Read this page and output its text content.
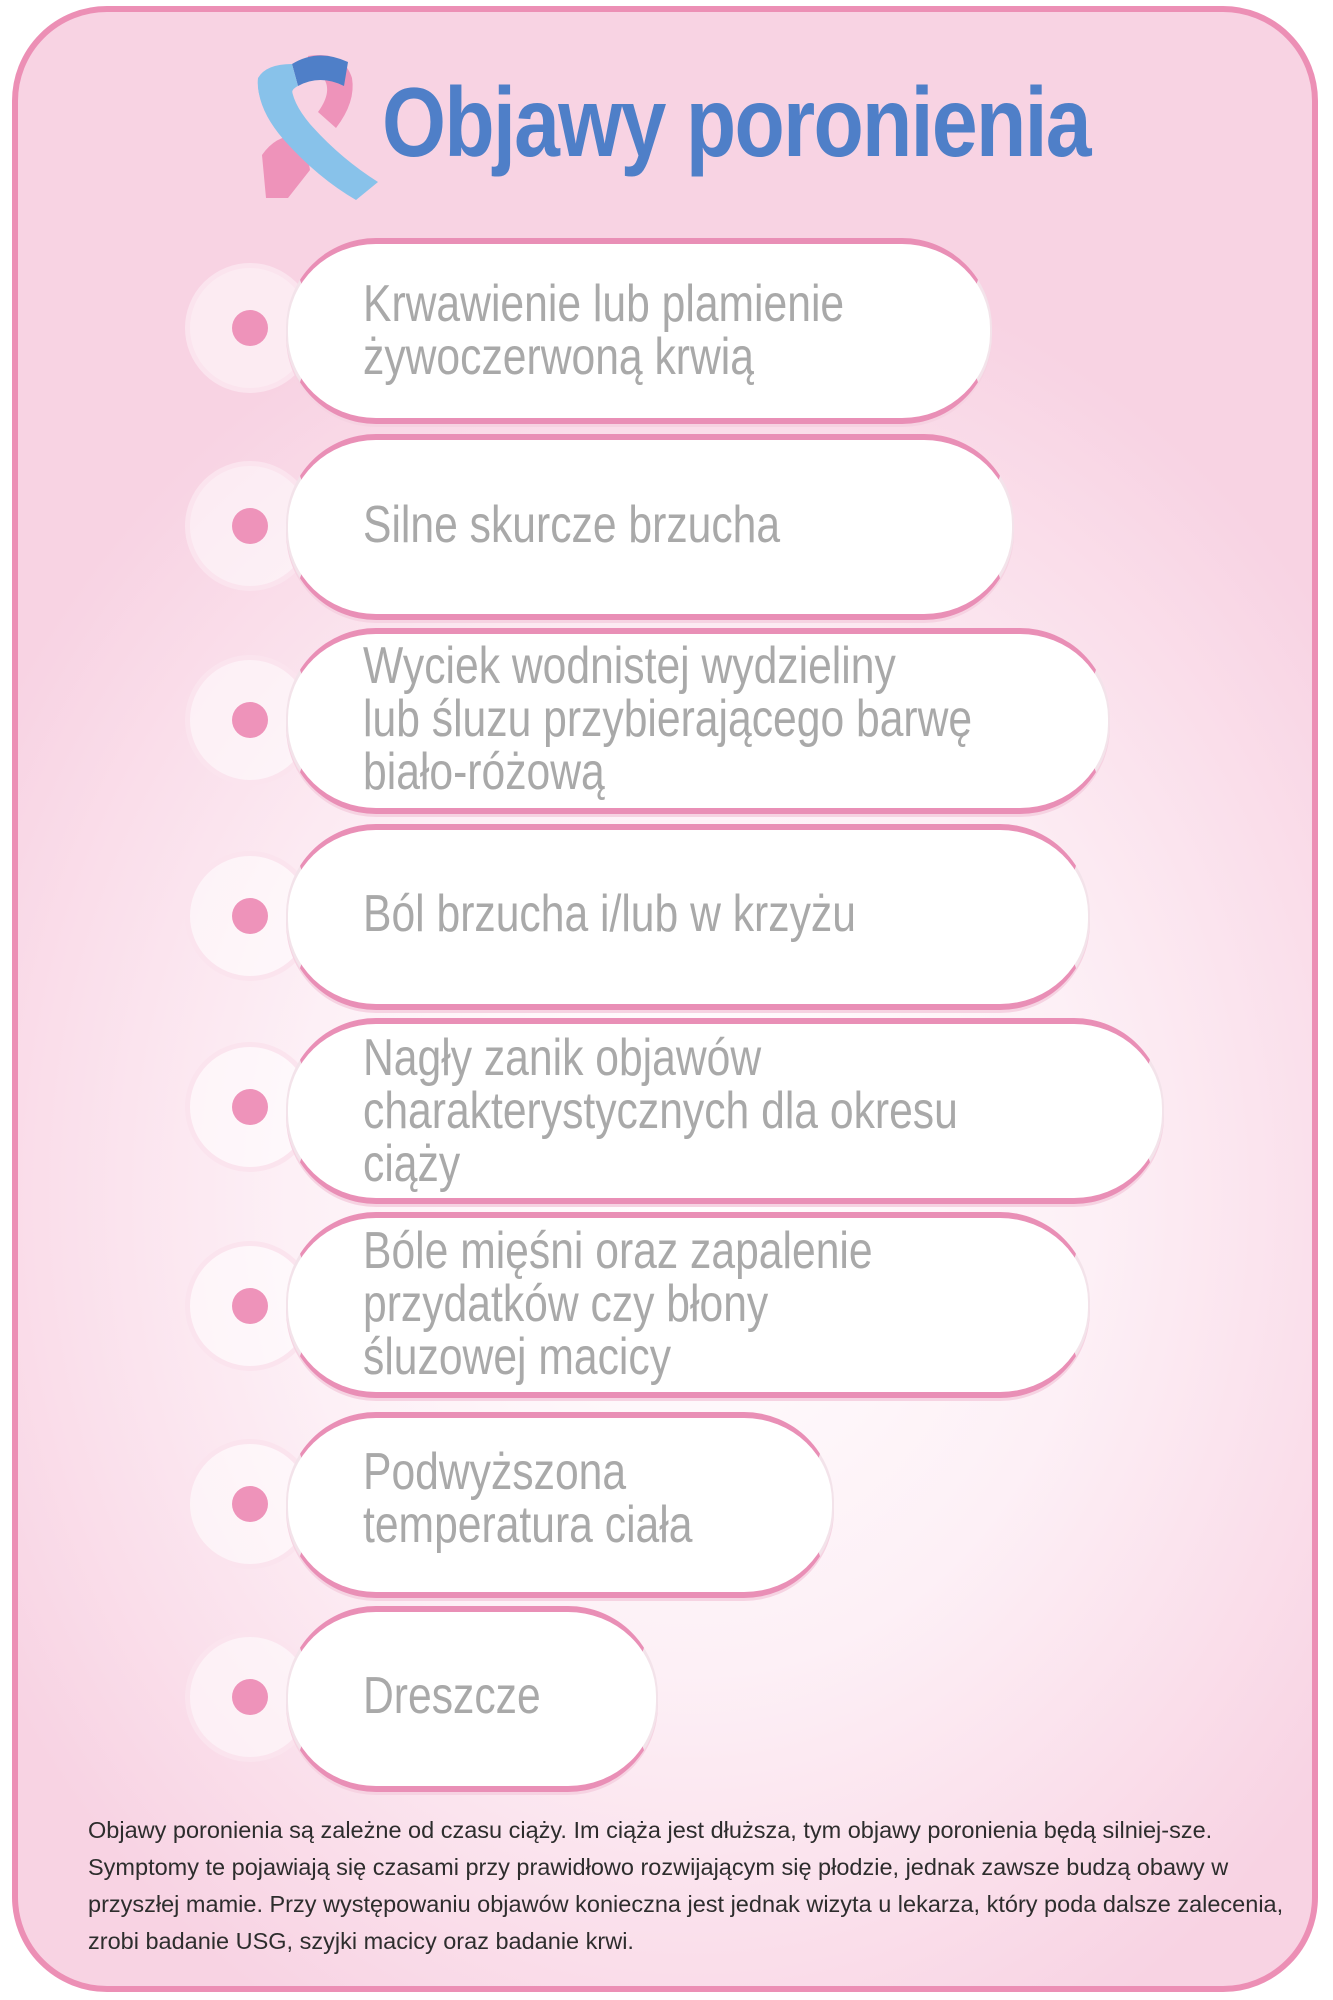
Objawy poronienia

Krwawienie lub plamienie
żywoczerwoną krwią

Silne skurcze brzucha

Wyciek wodnistej wydzieliny
lub śluzu przybierającego barwę
biało-różową

Ból brzucha i/lub w krzyżu

Nagły zanik objawów
charakterystycznych dla okresu
ciąży

Bóle mięśni oraz zapalenie
przydatków czy błony
śluzowej macicy

Podwyższona
temperatura ciała

Dreszcze

Objawy poronienia są zależne od czasu ciąży. Im ciąża jest dłuższa, tym objawy poronienia będą silniej-sze. Symptomy te pojawiają się czasami przy prawidłowo rozwijającym się płodzie, jednak zawsze budzą obawy w przyszłej mamie. Przy występowaniu objawów konieczna jest jednak wizyta u lekarza, który poda dalsze zalecenia, zrobi badanie USG, szyjki macicy oraz badanie krwi.
